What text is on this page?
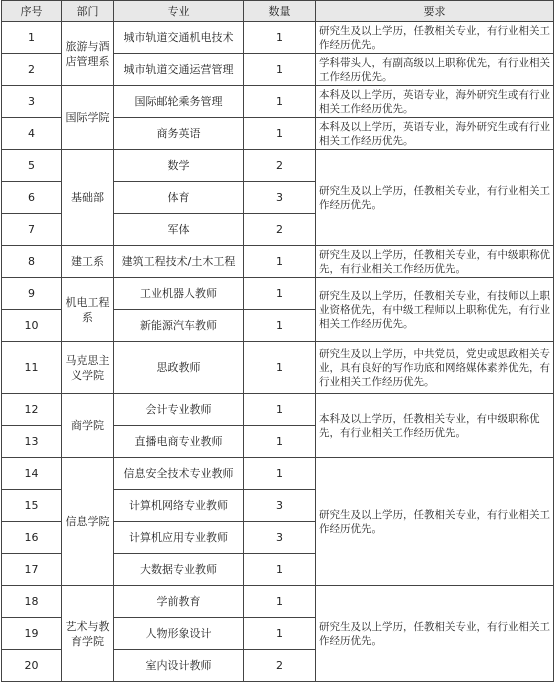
序号	部门	专业	数量	要求
1	旅游与酒店管理系	城市轨道交通机电技术	1	研究生及以上学历，任教相关专业，有行业相关工作经历优先。
2		城市轨道交通运营管理	1	学科带头人，有副高级以上职称优先，有行业相关工作经历优先。
3	国际学院	国际邮轮乘务管理	1	本科及以上学历，英语专业，海外研究生或有行业相关工作经历优先。
4		商务英语	1	本科及以上学历，英语专业，海外研究生或有行业相关工作经历优先。
5	基础部	数学	2	研究生及以上学历，任教相关专业，有行业相关工作经历优先。
6		体育	3	
7		军体	2	
8	建工系	建筑工程技术/土木工程	1	研究生及以上学历，任教相关专业，有中级职称优先，有行业相关工作经历优先。
9	机电工程系	工业机器人教师	1	研究生及以上学历，任教相关专业，有技师以上职业资格优先，有中级工程师以上职称优先，有行业相关工作经历优先。
10		新能源汽车教师	1	
11	马克思主义学院	思政教师	1	研究生及以上学历，中共党员，党史或思政相关专业，具有良好的写作功底和网络媒体素养优先，有行业相关工作经历优先。
12	商学院	会计专业教师	1	本科及以上学历，任教相关专业，有中级职称优先，有行业相关工作经历优先。
13		直播电商专业教师	1	
14	信息学院	信息安全技术专业教师	1	研究生及以上学历，任教相关专业，有行业相关工作经历优先。
15		计算机网络专业教师	3	
16		计算机应用专业教师	3	
17		大数据专业教师	1	
18	艺术与教育学院	学前教育	1	研究生及以上学历，任教相关专业，有行业相关工作经历优先。
19		人物形象设计	1	
20		室内设计教师	2	
